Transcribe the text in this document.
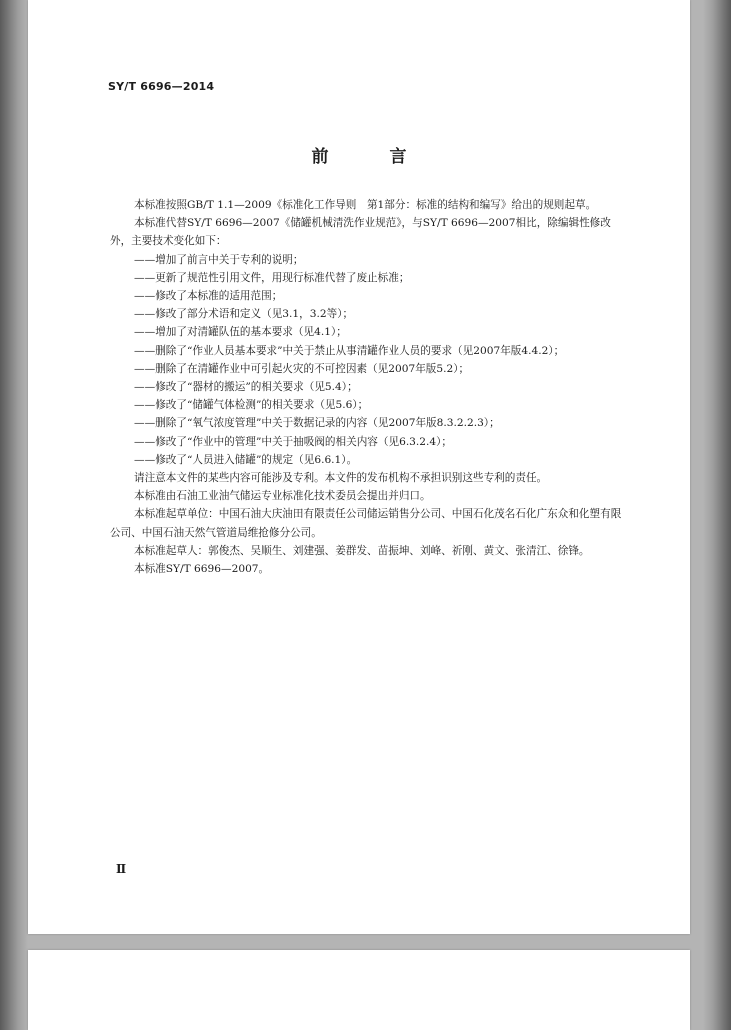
SY/T 6696—2014
前　言

本标准按照GB/T 1.1—2009《标准化工作导则　第1部分：标准的结构和编写》给出的规则起草。

本标准代替SY/T 6696—2007《储罐机械清洗作业规范》，与SY/T 6696—2007相比，除编辑性修改外，主要技术变化如下：

——增加了前言中关于专利的说明；

——更新了规范性引用文件，用现行标准代替了废止标准；

——修改了本标准的适用范围；

——修改了部分术语和定义（见3.1，3.2等）；

——增加了对清罐队伍的基本要求（见4.1）；

——删除了“作业人员基本要求”中关于禁止从事清罐作业人员的要求（见2007年版4.4.2）；

——删除了在清罐作业中可引起火灾的不可控因素（见2007年版5.2）；

——修改了“器材的搬运”的相关要求（见5.4）；

——修改了“储罐气体检测”的相关要求（见5.6）；

——删除了“氧气浓度管理”中关于数据记录的内容（见2007年版8.3.2.2.3）；

——修改了“作业中的管理”中关于抽吸阀的相关内容（见6.3.2.4）；

——修改了“人员进入储罐”的规定（见6.6.1）。

请注意本文件的某些内容可能涉及专利。本文件的发布机构不承担识别这些专利的责任。

本标准由石油工业油气储运专业标准化技术委员会提出并归口。

本标准起草单位：中国石油大庆油田有限责任公司储运销售分公司、中国石化茂名石化广东众和化塑有限公司、中国石油天然气管道局维抢修分公司。

本标准起草人：郭俊杰、吴顺生、刘建强、姜群发、苗振坤、刘峰、祈刚、黄文、张清江、徐锋。

本标准SY/T 6696—2007。

Ⅱ
